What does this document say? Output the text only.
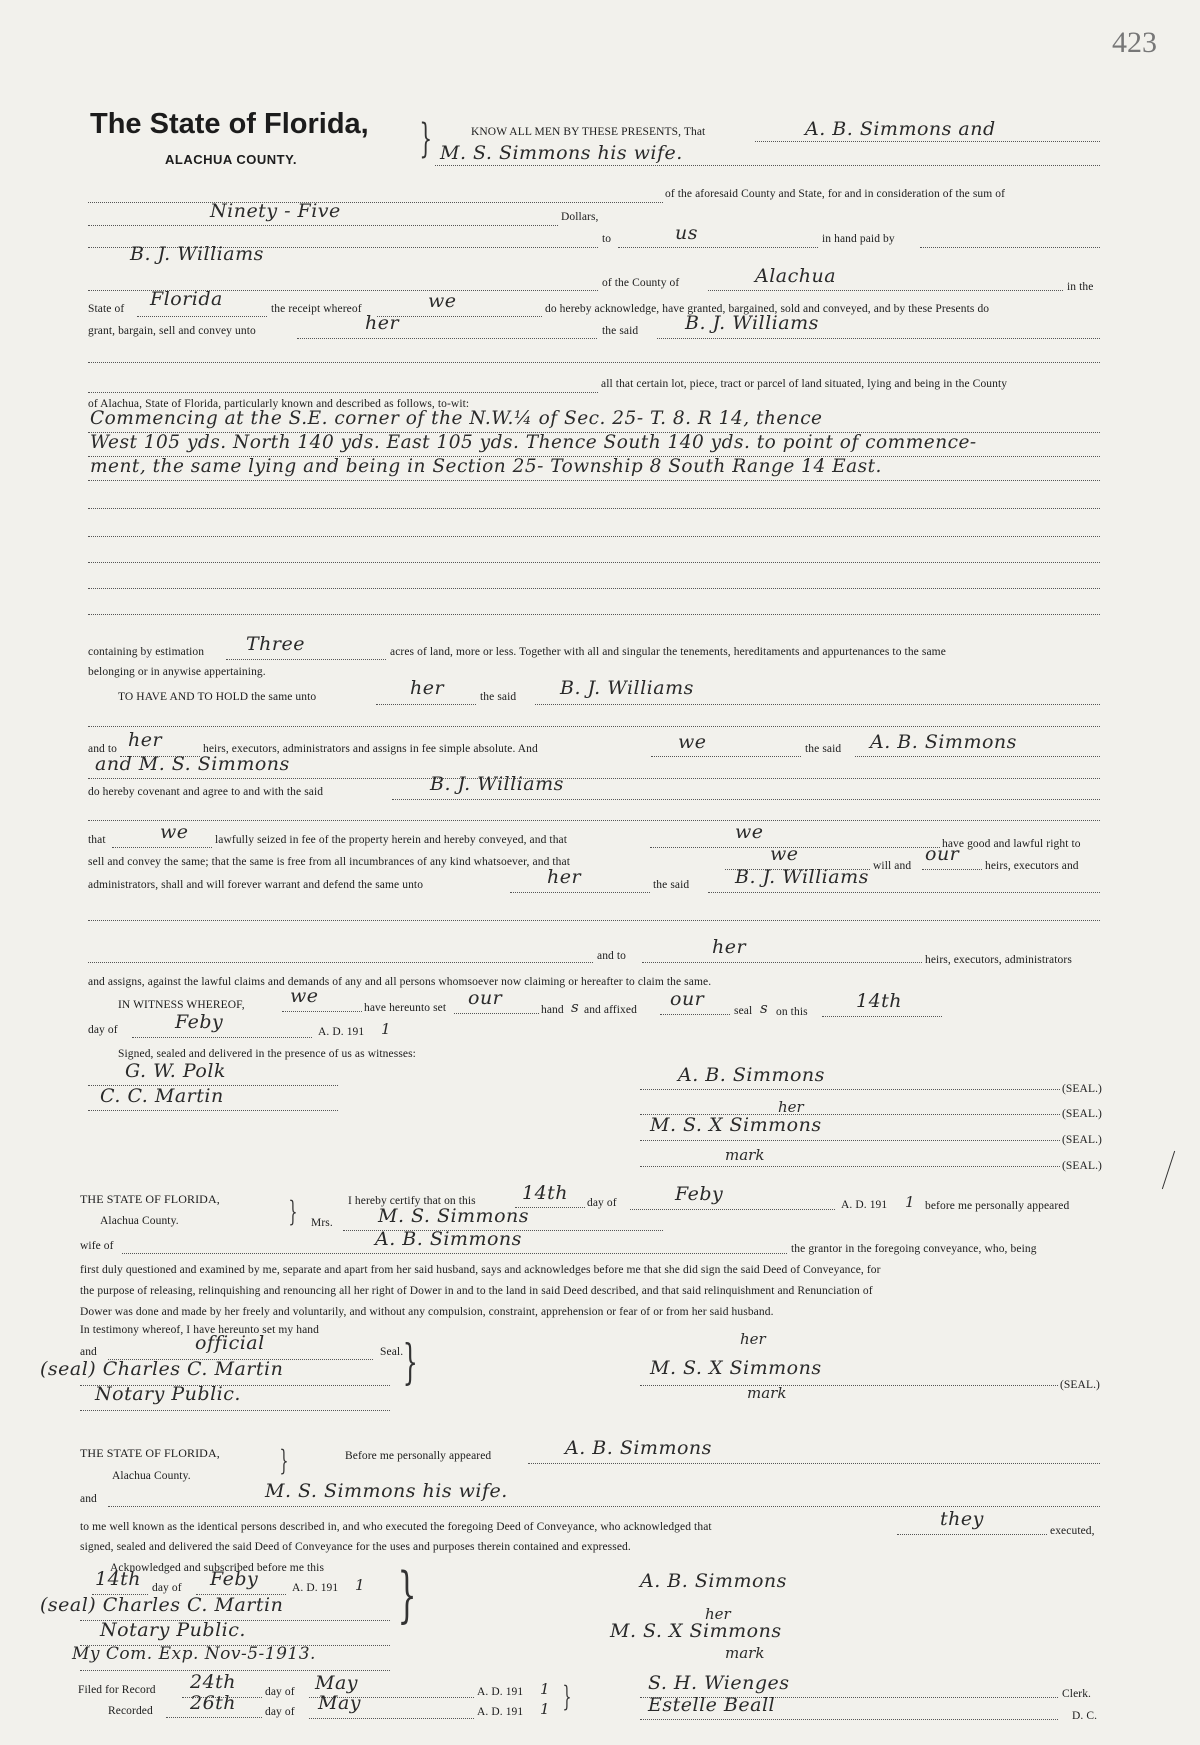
423
The State of Florida,
ALACHUA COUNTY.	}	KNOW ALL MEN BY THESE PRESENTS, That	A. B. Simmons and
M. S. Simmons his wife.
of the aforesaid County and State, for and in consideration of the sum of
Ninety - Five	Dollars,
to	us	in hand paid by
B. J. Williams
of the County of	Alachua	in the
State of Florida	the receipt whereof	we	do hereby acknowledge, have granted, bargained, sold and conveyed, and by these Presents do
grant, bargain, sell and convey unto	her	the said B. J. Williams
all that certain lot, piece, tract or parcel of land situated, lying and being in the County
of Alachua, State of Florida, particularly known and described as follows, to-wit:
Commencing at the S.E. corner of the N.W.¼ of Sec. 25- T. 8. R 14, thence
West 105 yds. North 140 yds. East 105 yds. Thence South 140 yds. to point of commence-
ment, the same lying and being in Section 25- Township 8 South Range 14 East.
containing by estimation Three	acres of land, more or less. Together with all and singular the tenements, hereditaments and appurtenances to the same
belonging or in anywise appertaining.
TO HAVE AND TO HOLD the same unto	her	the said B. J. Williams
and to her	heirs, executors, administrators and assigns in fee simple absolute. And	we	the said A. B. Simmons
and M. S. Simmons
do hereby covenant and agree to and with the said	B. J. Williams
that	we lawfully seized in fee of the property herein and hereby conveyed, and that	we
have good and lawful right to
sell and convey the same; that the same is free from all incumbrances of any kind whatsoever, and that	we
will and
our
heirs, executors and
administrators, shall and will forever warrant and defend the same unto	her	the said B. J. Williams
and to	her
heirs, executors, administrators
and assigns, against the lawful claims and demands of any and all persons whomsoever now claiming or hereafter to claim the same.
IN WITNESS WHEREOF, we
have hereunto set our
hand s and affixed our
seal s on this	14th
day of	Feby	A. D. 191 1
Signed, sealed and delivered in the presence of us as witnesses:
G. W. Polk
C. C. Martin
A. B. Simmons
(SEAL.)
her	(SEAL.)
M. S. X Simmons
(SEAL.)
mark
(SEAL.)
THE STATE OF FLORIDA,
Alachua County.	}	I hereby certify that on this 14th day of	Feby	A. D. 191 1 before me personally appeared
Mrs. M. S. Simmons
wife of	A. B. Simmons	the grantor in the foregoing conveyance, who, being
first duly questioned and examined by me, separate and apart from her said husband, says and acknowledges before me that she did sign the said Deed of Conveyance, for
the purpose of releasing, relinquishing and renouncing all her right of Dower in and to the land in said Deed described, and that said relinquishment and Renunciation of
Dower was done and made by her freely and voluntarily, and without any compulsion, constraint, apprehension or fear of or from her said husband.
In testimony whereof, I have hereunto set my hand
and	official	Seal. }
(seal) Charles C. Martin
Notary Public.
her
M. S. X Simmons
mark	(SEAL.)
THE STATE OF FLORIDA,
Alachua County.	}	Before me personally appeared	A. B. Simmons
and	M. S. Simmons his wife.
to me well known as the identical persons described in, and who executed the foregoing Deed of Conveyance, who acknowledged that	they
executed,
signed, sealed and delivered the said Deed of Conveyance for the uses and purposes therein contained and expressed.
Acknowledged and subscribed before me this }
14th day of Feby	A. D. 191 1
(seal) Charles C. Martin
Notary Public.
My Com. Exp. Nov-5-1913.
A. B. Simmons
her
M. S. X Simmons
mark
Filed for Record 24th	day of May	A. D. 191 1
Recorded 26th	day of May	A. D. 191 1 }	S. H. Wienges	Clerk.
Estelle Beall	D. C.
